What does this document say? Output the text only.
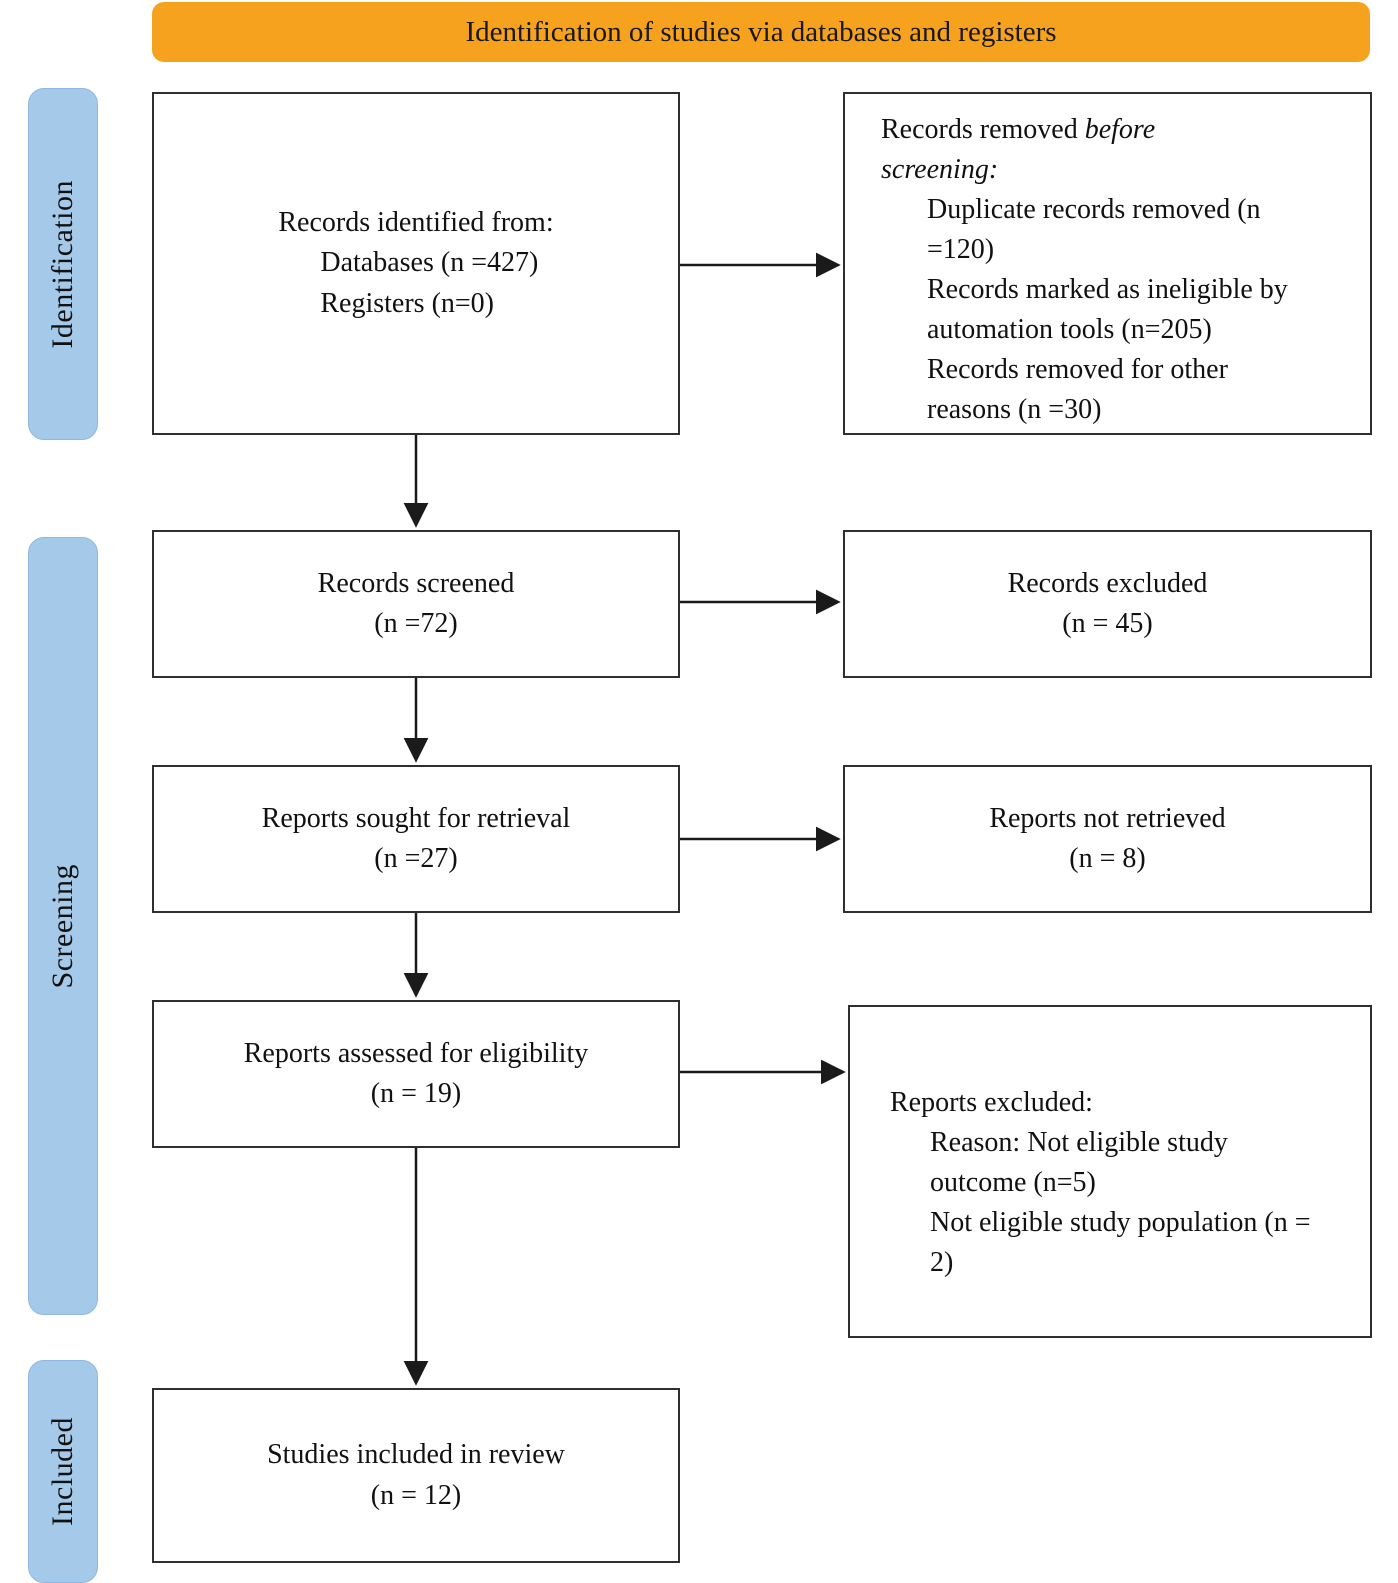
Identification of studies via databases and registers
Identification
Screening
Included
Records identified from:
Databases (n =427)
Registers (n=0)
Records removed before screening:
Duplicate records removed (n =120)
Records marked as ineligible by automation tools (n=205)
Records removed for other reasons (n =30)
Records screened
(n =72)
Records excluded
(n = 45)
Reports sought for retrieval
(n =27)
Reports not retrieved
(n = 8)
Reports assessed for eligibility
(n = 19)	Reports excluded:
Reason: Not eligible study outcome (n=5)
Not eligible study population (n = 2)
Studies included in review
(n = 12)
